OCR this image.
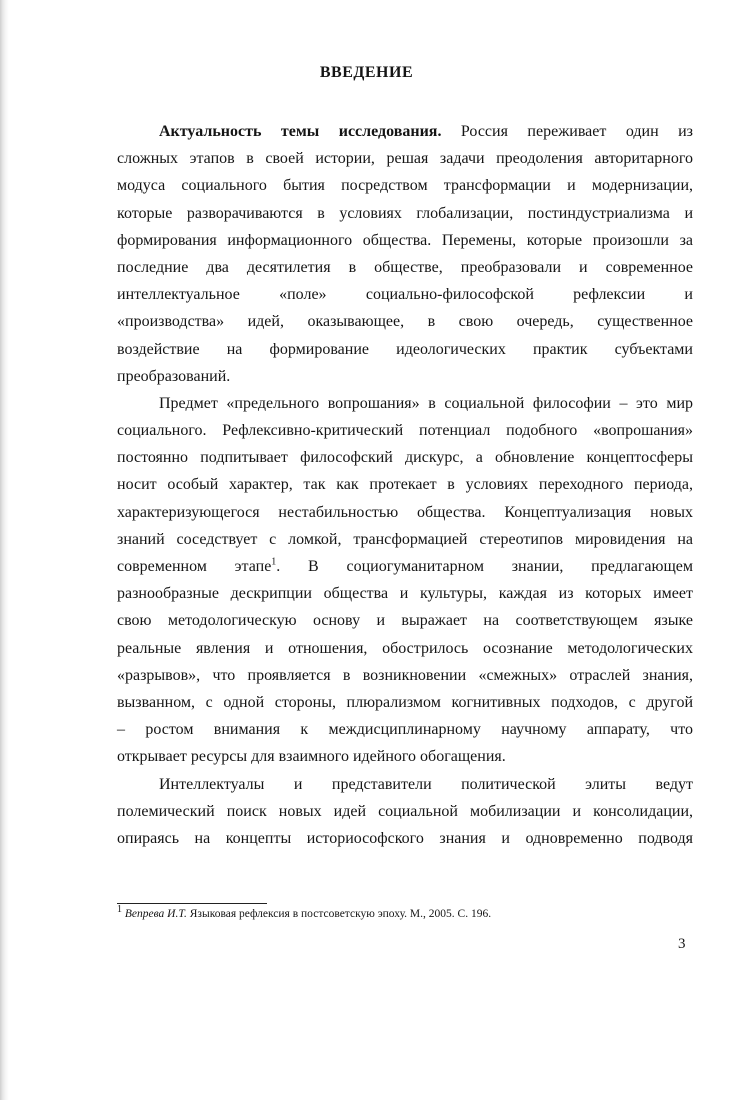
ВВЕДЕНИЕ
Актуальность темы исследования. Россия переживает один из
сложных этапов в своей истории, решая задачи преодоления авторитарного
модуса социального бытия посредством трансформации и модернизации,
которые разворачиваются в условиях глобализации, постиндустриализма и
формирования информационного общества. Перемены, которые произошли за
последние два десятилетия в обществе, преобразовали и современное
интеллектуальное «поле» социально-философской рефлексии и
«производства» идей, оказывающее, в свою очередь, существенное
воздействие на формирование идеологических практик субъектами
преобразований.
Предмет «предельного вопрошания» в социальной философии – это мир
социального. Рефлексивно-критический потенциал подобного «вопрошания»
постоянно подпитывает философский дискурс, а обновление концептосферы
носит особый характер, так как протекает в условиях переходного периода,
характеризующегося нестабильностью общества. Концептуализация новых
знаний соседствует с ломкой, трансформацией стереотипов мировидения на
современном этапе$^1$. В социогуманитарном знании, предлагающем
разнообразные дескрипции общества и культуры, каждая из которых имеет
свою методологическую основу и выражает на соответствующем языке
реальные явления и отношения, обострилось осознание методологических
«разрывов», что проявляется в возникновении «смежных» отраслей знания,
вызванном, с одной стороны, плюрализмом когнитивных подходов, с другой
– ростом внимания к междисциплинарному научному аппарату, что
открывает ресурсы для взаимного идейного обогащения.
Интеллектуалы и представители политической элиты ведут
полемический поиск новых идей социальной мобилизации и консолидации,
опираясь на концепты историософского знания и одновременно подводя
$^1$ Вепрева И.Т. Языковая рефлексия в постсоветскую эпоху. М., 2005. С. 196.
3
